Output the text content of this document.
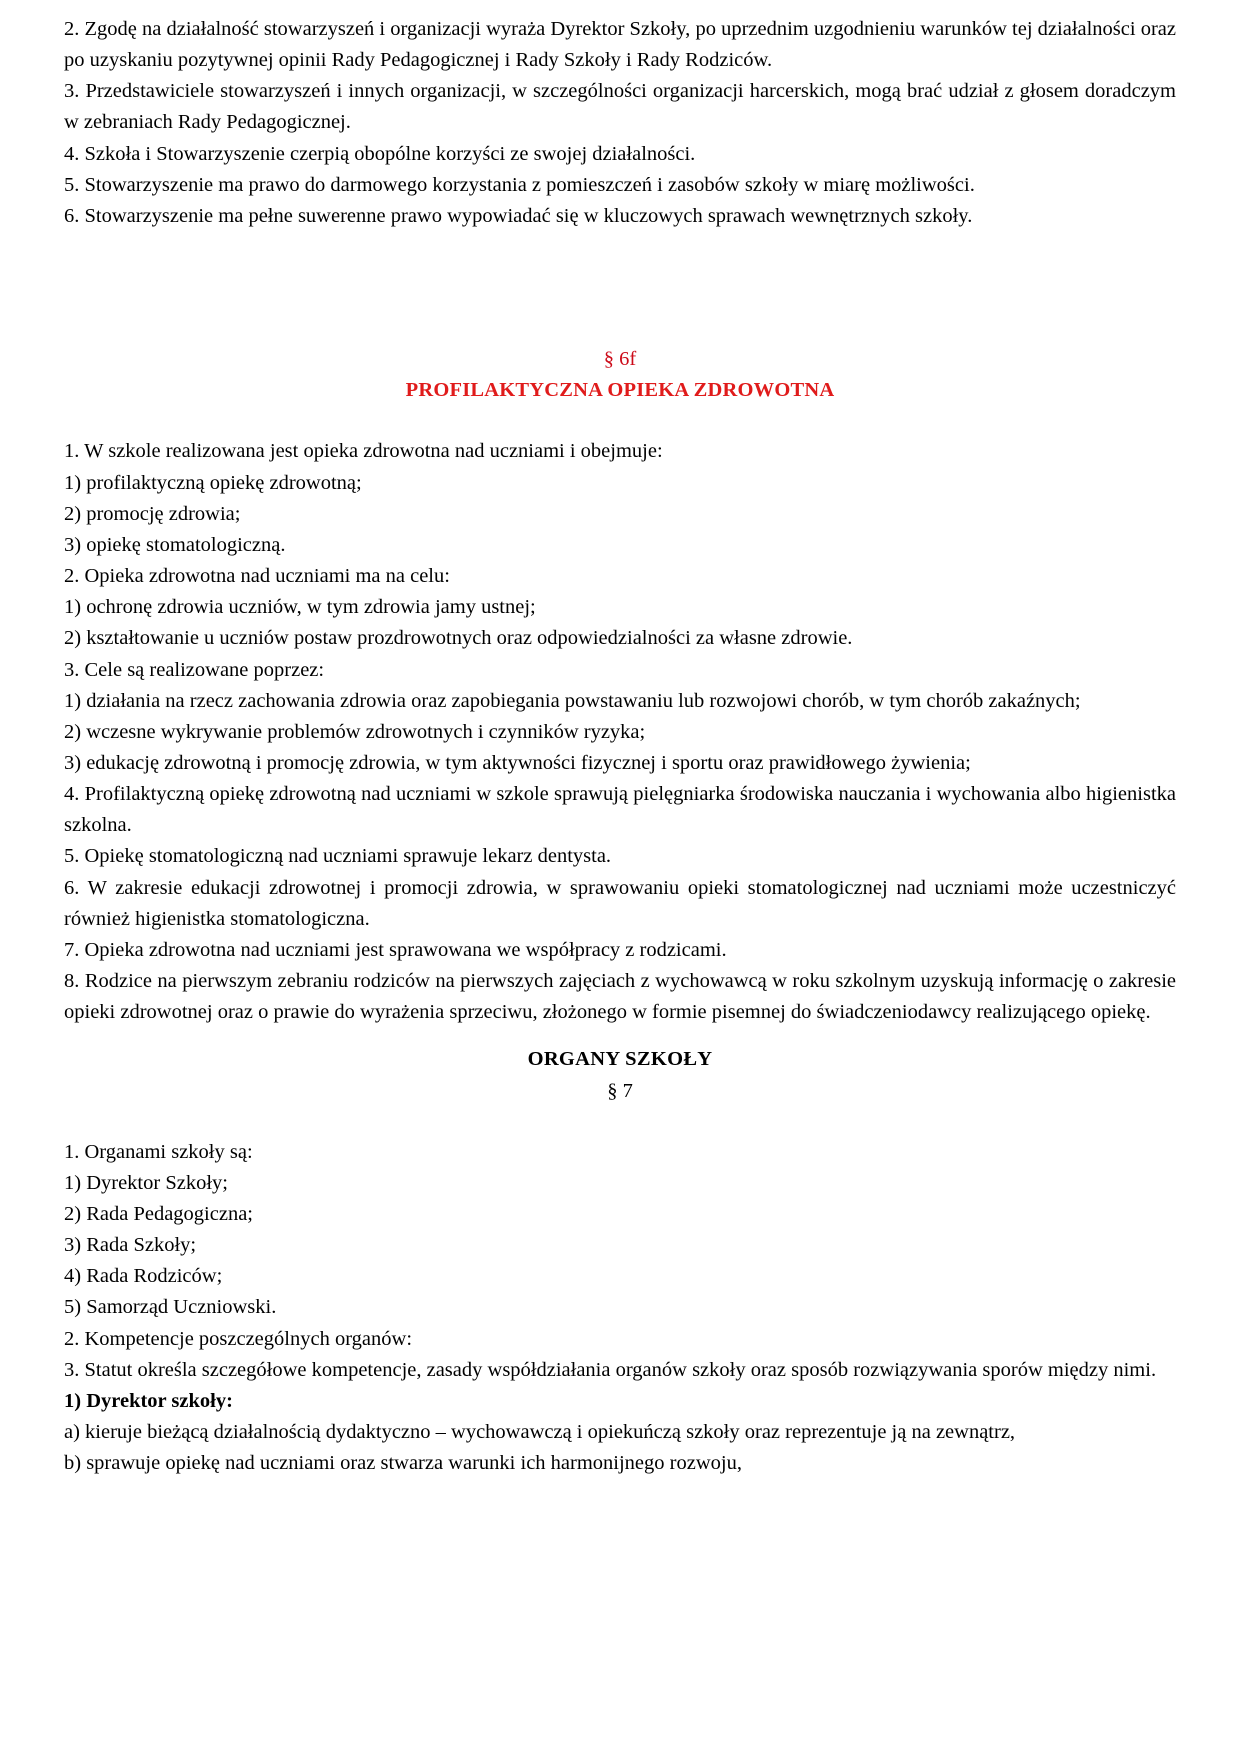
2. Zgodę na działalność stowarzyszeń i organizacji wyraża Dyrektor Szkoły, po uprzednim uzgodnieniu warunków tej działalności oraz po uzyskaniu pozytywnej opinii Rady Pedagogicznej i Rady Szkoły i Rady Rodziców.

3. Przedstawiciele stowarzyszeń i innych organizacji, w szczególności organizacji harcerskich, mogą brać udział z głosem doradczym w zebraniach Rady Pedagogicznej.

4. Szkoła i Stowarzyszenie czerpią obopólne korzyści ze swojej działalności.

5. Stowarzyszenie ma prawo do darmowego korzystania z pomieszczeń i zasobów szkoły w miarę możliwości.

6. Stowarzyszenie ma pełne suwerenne prawo wypowiadać się w kluczowych sprawach wewnętrznych szkoły.

§ 6f

PROFILAKTYCZNA OPIEKA ZDROWOTNA

1. W szkole realizowana jest opieka zdrowotna nad uczniami i obejmuje:

1) profilaktyczną opiekę zdrowotną;

2) promocję zdrowia;

3) opiekę stomatologiczną.

2. Opieka zdrowotna nad uczniami ma na celu:

1) ochronę zdrowia uczniów, w tym zdrowia jamy ustnej;

2) kształtowanie u uczniów postaw prozdrowotnych oraz odpowiedzialności za własne zdrowie.

3. Cele są realizowane poprzez:

1) działania na rzecz zachowania zdrowia oraz zapobiegania powstawaniu lub rozwojowi chorób, w tym chorób zakaźnych;

2) wczesne wykrywanie problemów zdrowotnych i czynników ryzyka;

3) edukację zdrowotną i promocję zdrowia, w tym aktywności fizycznej i sportu oraz prawidłowego żywienia;

4. Profilaktyczną opiekę zdrowotną nad uczniami w szkole sprawują pielęgniarka środowiska nauczania i wychowania albo higienistka szkolna.

5. Opiekę stomatologiczną nad uczniami sprawuje lekarz dentysta.

6. W zakresie edukacji zdrowotnej i promocji zdrowia, w sprawowaniu opieki stomatologicznej nad uczniami może uczestniczyć również higienistka stomatologiczna.

7. Opieka zdrowotna nad uczniami jest sprawowana we współpracy z rodzicami.

8. Rodzice na pierwszym zebraniu rodziców na pierwszych zajęciach z wychowawcą w roku szkolnym uzyskują informację o zakresie opieki zdrowotnej oraz o prawie do wyrażenia sprzeciwu, złożonego w formie pisemnej do świadczeniodawcy realizującego opiekę.

ORGANY SZKOŁY

§ 7

1. Organami szkoły są:

1) Dyrektor Szkoły;

2) Rada Pedagogiczna;

3) Rada Szkoły;

4) Rada Rodziców;

5) Samorząd Uczniowski.

2. Kompetencje poszczególnych organów:

3. Statut określa szczegółowe kompetencje, zasady współdziałania organów szkoły oraz sposób rozwiązywania sporów między nimi.

1) Dyrektor szkoły:

a) kieruje bieżącą działalnością dydaktyczno – wychowawczą i opiekuńczą szkoły oraz reprezentuje ją na zewnątrz,

b) sprawuje opiekę nad uczniami oraz stwarza warunki ich harmonijnego rozwoju,
